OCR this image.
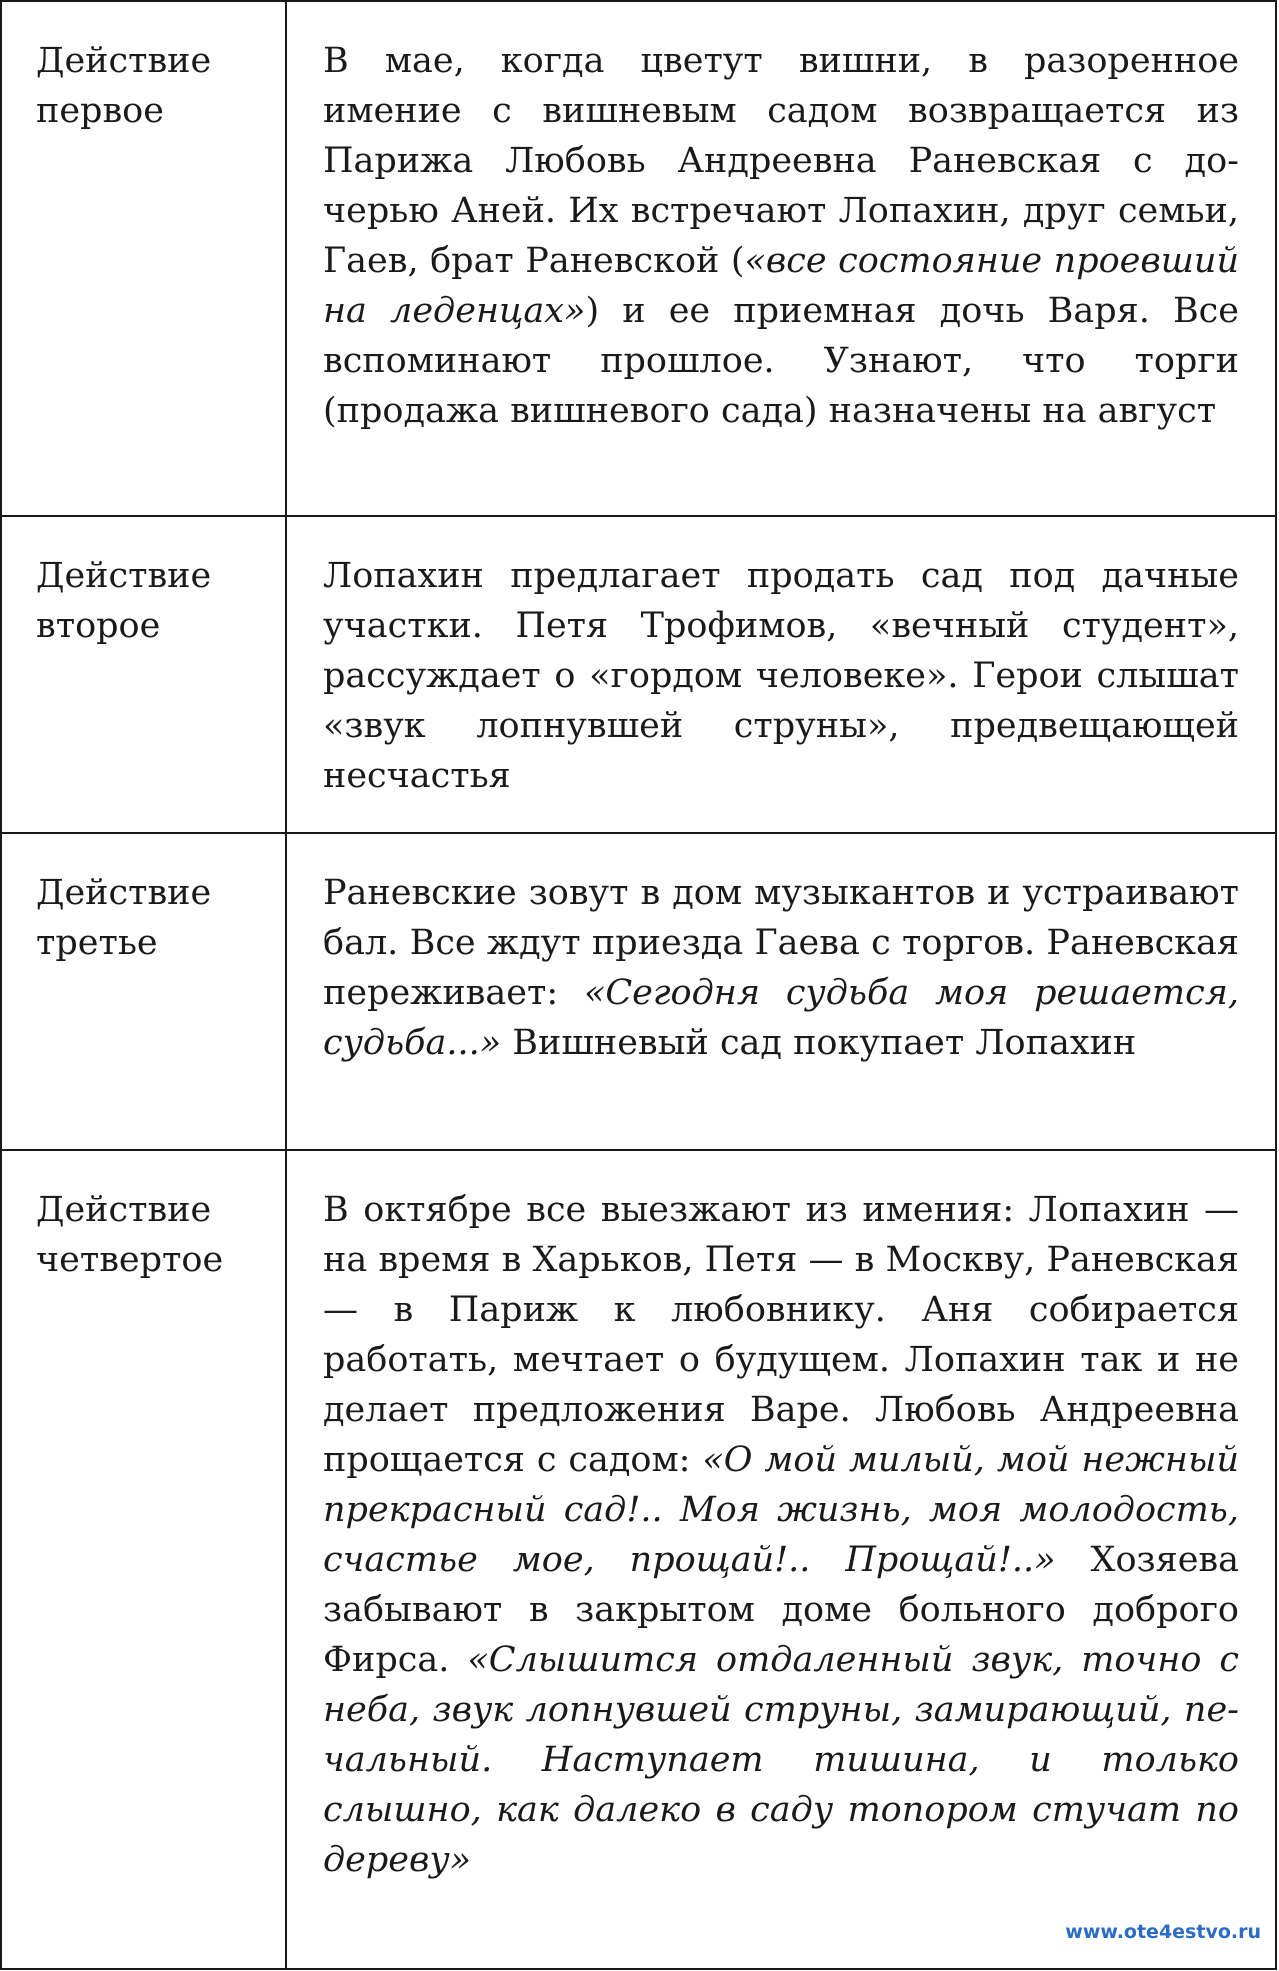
Действие
первое	В мае, когда цветут вишни, в разоренное имение с вишневым садом возвращается из Парижа Любовь Андреевна Раневская с дочерью Аней. Их встречают Лопахин, друг семьи, Гаев, брат Раневской («все состояние проевший на леденцах») и ее приемная дочь Варя. Все вспоминают прошлое. Узнают, что торги (продажа вишневого сада) назначены на август

Действие
второе	Лопахин предлагает продать сад под дачные участки. Петя Трофимов, «вечный студент», рассуждает о «гордом человеке». Герои слышат «звук лопнувшей струны», предвещающей несчастья

Действие
третье	Раневские зовут в дом музыкантов и устраивают бал. Все ждут приезда Гаева с торгов. Раневская переживает: «Сегодня судьба моя решается, судьба...» Вишневый сад покупает Лопахин

Действие
четвертое	В октябре все выезжают из имения: Лопахин — на время в Харьков, Петя — в Москву, Раневская — в Париж к любовнику. Аня собирается работать, мечтает о будущем. Лопахин так и не делает предложения Варе. Любовь Андреевна прощается с садом: «О мой милый, мой нежный прекрасный сад!.. Моя жизнь, моя молодость, счастье мое, прощай!.. Прощай!..» Хозяева забывают в закрытом доме больного доброго Фирса. «Слышится отдаленный звук, точно с неба, звук лопнувшей струны, замирающий, печальный. Наступает тишина, и только слышно, как далеко в саду топором стучат по дереву»
www.ote4estvo.ru
